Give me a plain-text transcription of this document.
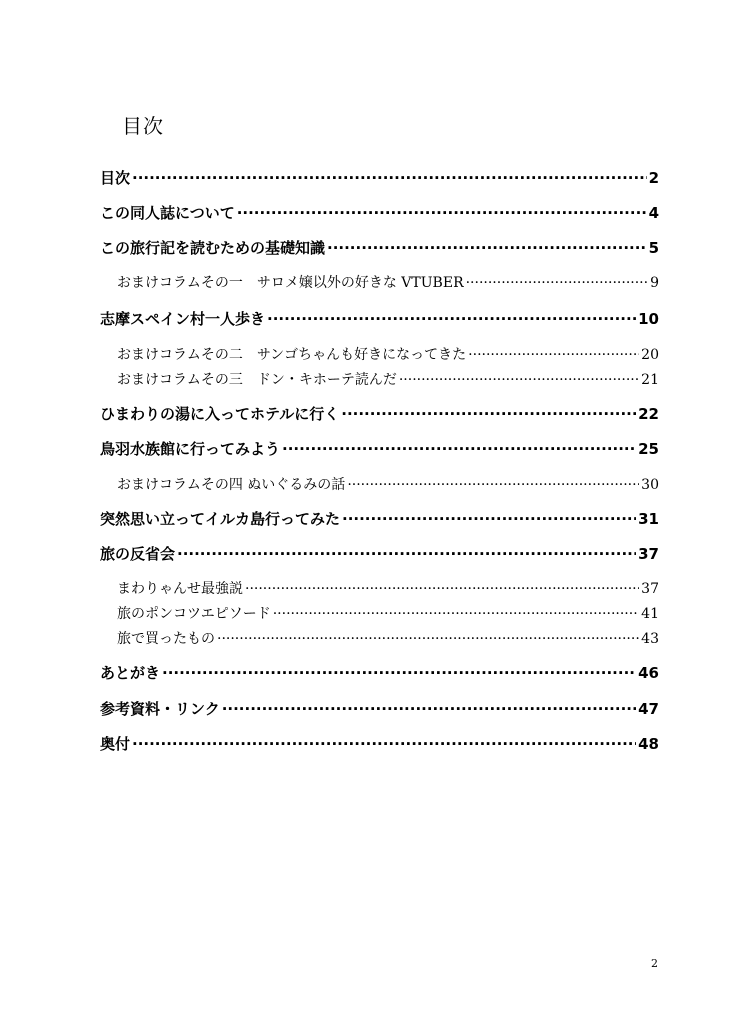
目次
目次 .....	2
この同人誌について .....	4
この旅行記を読むための基礎知識 .....	5
おまけコラムその一　サロメ嬢以外の好きな VTUBER .....	9
志摩スペイン村一人歩き .....	10
おまけコラムその二　サンゴちゃんも好きになってきた .....	20
おまけコラムその三　ドン・キホーテ読んだ .....	21
ひまわりの湯に入ってホテルに行く .....	22
鳥羽水族館に行ってみよう .....	25
おまけコラムその四 ぬいぐるみの話 .....	30
突然思い立ってイルカ島行ってみた .....	31
旅の反省会 .....	37
まわりゃんせ最強説 .....	37
旅のポンコツエピソード .....	41
旅で買ったもの .....	43
あとがき .....	46
参考資料・リンク .....	47
奥付 .....	48
2
